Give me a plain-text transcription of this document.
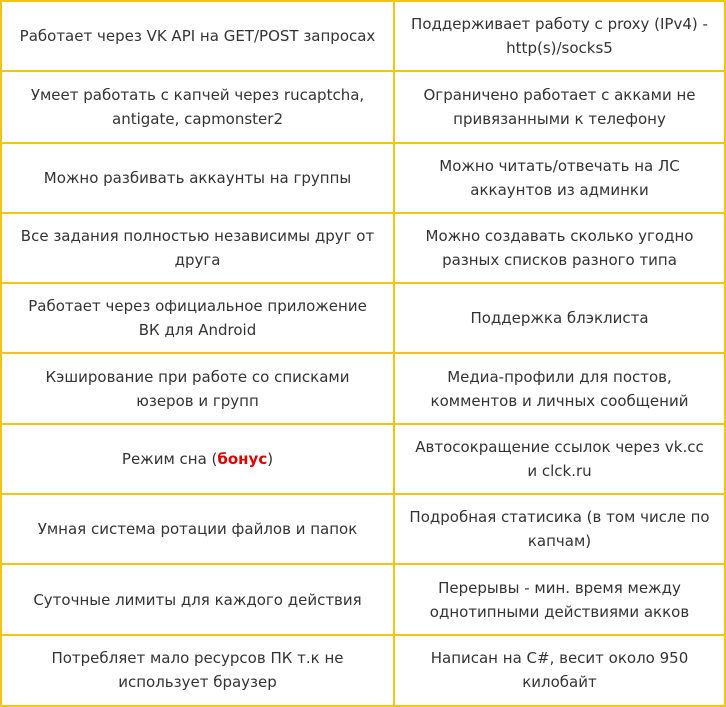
Работает через VK API на GET/POST запросах	Поддерживает работу с proxy (IPv4) - http(s)/socks5
Умеет работать с капчей через rucaptcha, antigate, capmonster2	Ограничено работает с акками не привязанными к телефону
Можно разбивать аккаунты на группы	Можно читать/отвечать на ЛС аккаунтов из админки
Все задания полностью независимы друг от друга	Можно создавать сколько угодно разных списков разного типа
Работает через официальное приложение ВК для Android	Поддержка блэклиста
Кэширование при работе со списками юзеров и групп	Медиа-профили для постов, комментов и личных сообщений
Режим сна (бонус)	Автосокращение ссылок через vk.cc и clck.ru
Умная система ротации файлов и папок	Подробная статисика (в том числе по капчам)
Суточные лимиты для каждого действия	Перерывы - мин. время между однотипными действиями акков
Потребляет мало ресурсов ПК т.к не использует браузер	Написан на C#, весит около 950 килобайт
